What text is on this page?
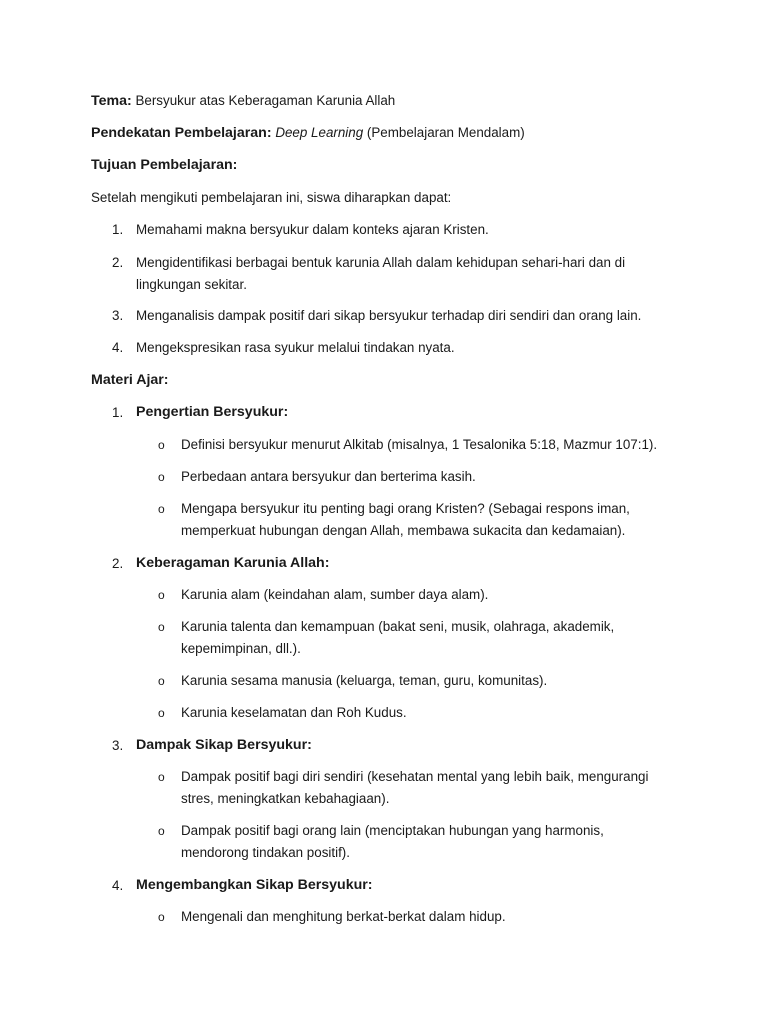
Tema: Bersyukur atas Keberagaman Karunia Allah
Pendekatan Pembelajaran: Deep Learning (Pembelajaran Mendalam)
Tujuan Pembelajaran:
Setelah mengikuti pembelajaran ini, siswa diharapkan dapat:
1. Memahami makna bersyukur dalam konteks ajaran Kristen.
2. Mengidentifikasi berbagai bentuk karunia Allah dalam kehidupan sehari-hari dan di
lingkungan sekitar.
3. Menganalisis dampak positif dari sikap bersyukur terhadap diri sendiri dan orang lain.
4. Mengekspresikan rasa syukur melalui tindakan nyata.
Materi Ajar:
1. Pengertian Bersyukur:
o Definisi bersyukur menurut Alkitab (misalnya, 1 Tesalonika 5:18, Mazmur 107:1).
o Perbedaan antara bersyukur dan berterima kasih.
o Mengapa bersyukur itu penting bagi orang Kristen? (Sebagai respons iman,
memperkuat hubungan dengan Allah, membawa sukacita dan kedamaian).
2. Keberagaman Karunia Allah:
o Karunia alam (keindahan alam, sumber daya alam).
o Karunia talenta dan kemampuan (bakat seni, musik, olahraga, akademik,
kepemimpinan, dll.).
o Karunia sesama manusia (keluarga, teman, guru, komunitas).
o Karunia keselamatan dan Roh Kudus.
3. Dampak Sikap Bersyukur:
o Dampak positif bagi diri sendiri (kesehatan mental yang lebih baik, mengurangi
stres, meningkatkan kebahagiaan).
o Dampak positif bagi orang lain (menciptakan hubungan yang harmonis,
mendorong tindakan positif).
4. Mengembangkan Sikap Bersyukur:
o Mengenali dan menghitung berkat-berkat dalam hidup.
